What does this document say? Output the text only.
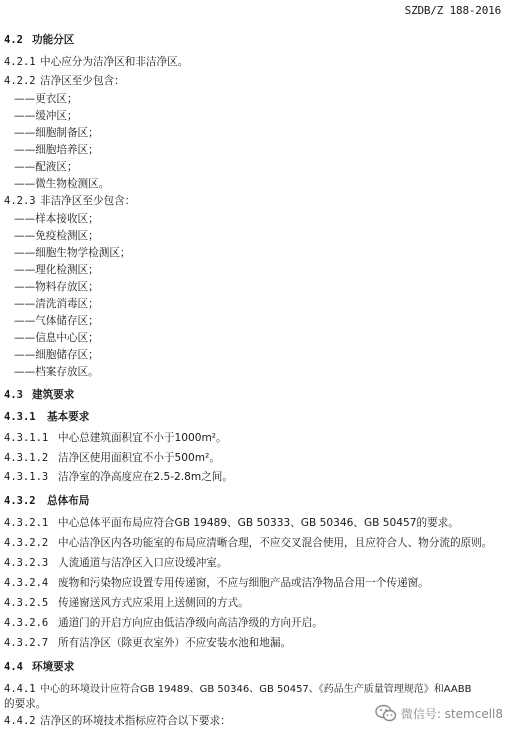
SZDB/Z 188-2016
4.2 功能分区
4.2.1 中心应分为洁净区和非洁净区。
4.2.2 洁净区至少包含：
——更衣区；
——缓冲区；
——细胞制备区；
——细胞培养区；
——配液区；
——微生物检测区。
4.2.3 非洁净区至少包含：
——样本接收区；
——免疫检测区；
——细胞生物学检测区；
——理化检测区；
——物料存放区；
——清洗消毒区；
——气体储存区；
——信息中心区；
——细胞储存区；
——档案存放区。
4.3 建筑要求
4.3.1 基本要求
4.3.1.1 中心总建筑面积宜不小于1000m²。
4.3.1.2 洁净区使用面积宜不小于500m²。
4.3.1.3 洁净室的净高度应在2.5-2.8m之间。
4.3.2 总体布局
4.3.2.1 中心总体平面布局应符合GB 19489、GB 50333、GB 50346、GB 50457的要求。
4.3.2.2 中心洁净区内各功能室的布局应清晰合理，不应交叉混合使用，且应符合人、物分流的原则。
4.3.2.3 人流通道与洁净区入口应设缓冲室。
4.3.2.4 废物和污染物应设置专用传递窗，不应与细胞产品或洁净物品合用一个传递窗。
4.3.2.5 传递窗送风方式应采用上送侧回的方式。
4.3.2.6 通道门的开启方向应由低洁净级向高洁净级的方向开启。
4.3.2.7 所有洁净区（除更衣室外）不应安装水池和地漏。
4.4 环境要求
4.4.1 中心的环境设计应符合GB 19489、GB 50346、GB 50457、《药品生产质量管理规范》和AABB
的要求。
4.4.2 洁净区的环境技术指标应符合以下要求：
微信号: stemcell8
